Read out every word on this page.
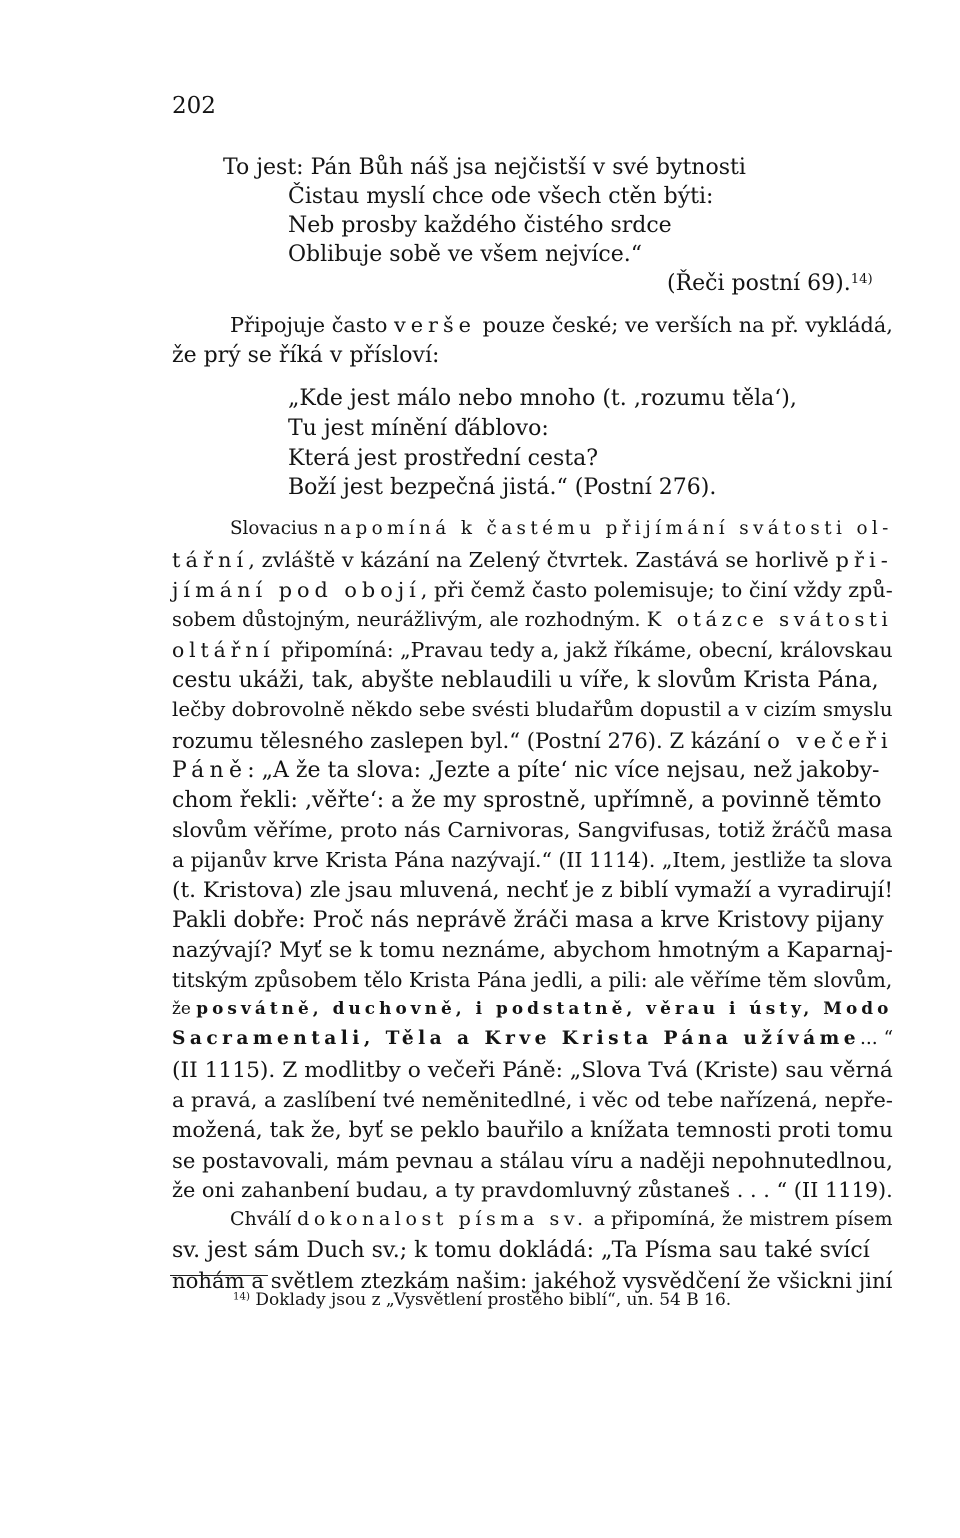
202
To jest: Pán Bůh náš jsa nejčistší v své bytnosti
Čistau myslí chce ode všech ctěn býti:
Neb prosby každého čistého srdce
Oblibuje sobě ve všem nejvíce.“
(Řeči postní 69).$^{14)}$
Připojuje často verše pouze české; ve verších na př. vykládá,
že prý se říká v přísloví:
„Kde jest málo nebo mnoho (t. ‚rozumu těla‘),
Tu jest mínění ďáblovo:
Která jest prostřední cesta?
Boží jest bezpečná jistá.“ (Postní 276).
Slovacius napomíná k častému přijímání svátosti ol-
tářní, zvláště v kázání na Zelený čtvrtek. Zastává se horlivě při-
jímání pod obojí, při čemž často polemisuje; to činí vždy způ-
sobem důstojným, neurážlivým, ale rozhodným. K otázce svátosti
oltářní připomíná: „Pravau tedy a, jakž říkáme, obecní, královskau
cestu ukáži, tak, abyšte neblaudili u víře, k slovům Krista Pána,
lečby dobrovolně někdo sebe svésti bludařům dopustil a v cizím smyslu
rozumu tělesného zaslepen byl.“ (Postní 276). Z kázání o večeři
Páně: „A že ta slova: ‚Jezte a píte‘ nic více nejsau, než jakoby-
chom řekli: ‚věřte‘: a že my sprostně, upřímně, a povinně těmto
slovům věříme, proto nás Carnivoras, Sangvifusas, totiž žráčů masa
a pijanův krve Krista Pána nazývají.“ (II 1114). „Item, jestliže ta slova
(t. Kristova) zle jsau mluvená, nechť je z biblí vymaží a vyradirují!
Pakli dobře: Proč nás neprávě žráči masa a krve Kristovy pijany
nazývají? Myť se k tomu neznáme, abychom hmotným a Kaparnaj-
titským způsobem tělo Krista Pána jedli, a pili: ale věříme těm slovům,
že posvátně, duchovně, i podstatně, věrau i ústy, Modo
Sacramentali, Těla a Krve Krista Pána užíváme... “
(II 1115). Z modlitby o večeři Páně: „Slova Tvá (Kriste) sau věrná
a pravá, a zaslíbení tvé neměnitedlné, i věc od tebe nařízená, nepře-
možená, tak že, byť se peklo bauřilo a knížata temnosti proti tomu
se postavovali, mám pevnau a stálau víru a naději nepohnutedlnou,
že oni zahanbení budau, a ty pravdomluvný zůstaneš . . . “ (II 1119).
Chválí dokonalost písma sv. a připomíná, že mistrem písem
sv. jest sám Duch sv.; k tomu dokládá: „Ta Písma sau také svící
nohám a světlem ztezkám našim: jakéhož vysvědčení že všickni jiní
$^{14)}$ Doklady jsou z „Vysvětlení prostého biblí“, un. 54 B 16.
